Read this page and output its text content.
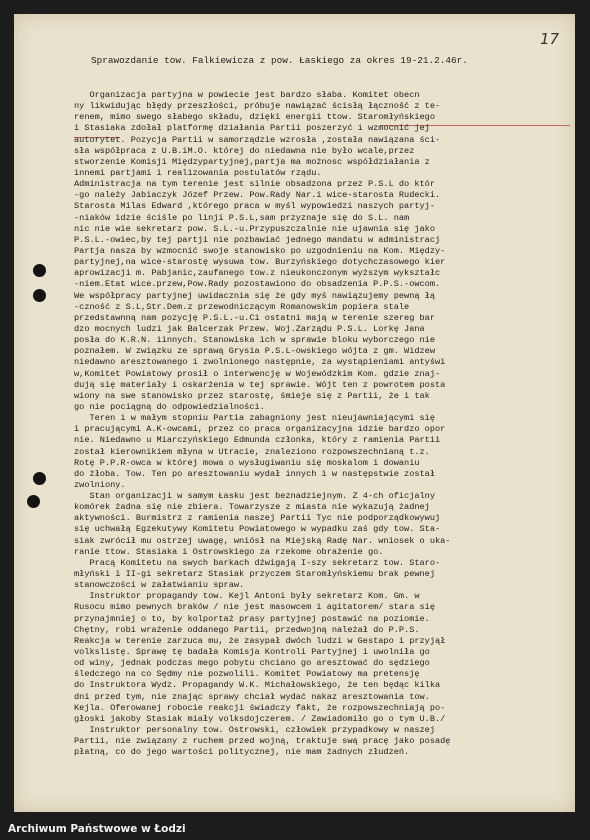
17
Sprawozdanie tow. Falkiewicza z pow. Łaskiego za okres 19-21.2.46r.
Organizacja partyjna w powiecie jest bardzo słaba. Komitet obecn
ny likwidując błędy przeszłości, próbuje nawiązać ścisłą łączność z te-
renem, mimo swego słabego składu, dzięki energii ttow. Staromłyńskiego
i Stasiaka zdołał platformę działania Partii poszerzyć i wzmocnić jej
autorytet. Pozycja Partii w samorządzie wzrosła ,została nawiązana ści-
sła współpraca z U.B.iM.O. której do niedawna nie było wcale,przez
stworzenie Komisji Międzypartyjnej,partja ma możnosc współdziałania z
innemi partjami i realizowania postulatów rządu.
Administracja na tym terenie jest silnie obsadzona przez P.S.L do któr
-go należy Jabiaczyk Józef Przew. Pow.Rady Nar.i wice-starosta Rudecki.
Starosta Milas Edward ,którego praca w myśl wypowiedzi naszych partyj-
-niaków idzie ściśle po linji P.S.L,sam przyznaje się do S.L. nam
nic nie wie sekretarz pow. S.L.-u.Przypuszczalnie nie ujawnia się jako
P.S.L.-owiec,by tej partji nie pozbawiać jednego mandatu w administracj
Partja nasza by wzmocnić swoje stanowisko po uzgodnieniu na Kom. Między-
partyjnej,na wice-starostę wysuwa tow. Burzyńskiego dotychczasowego kier
aprowizacji m. Pabjanic,zaufanego tow.z nieukonczonym wyższym wykształc
-niem.Etat wice.przew,Pow.Rady pozostawiono do obsadzenia P.P.S.-owcom.
We współpracy partyjnej uwidacznia się że gdy myś nawiązujemy pewną łą
-czność z S.L,Str.Dem.z przewodniczącym Romanowskim popiera stale
przedstawnną nam pozycję P.S.L.-u.Ci ostatni mają w terenie szereg bar
dzo mocnych ludzi jak Balcerzak Przew. Woj.Zarządu P.S.L. Lorkę Jana
posła do K.R.N. iinnych. Stanowiska ich w sprawie bloku wyborczego nie
poznałem. W związku ze sprawą Grysia P.S.L-owskiego wójta z gm. Widzew
niedawno aresztowanego i zwolnionego następnie, za wystąpieniami antyświ
w,Komitet Powiatowy prosił o interwencję w Wojewódzkim Kom. gdzie znaj-
dują się materiały i oskarżenia w tej sprawie. Wójt ten z powrotem posta
wiony na swe stanowisko przez starostę, śmieje się z Partii, że i tak
go nie pociągną do odpowiedzialności.
Teren i w małym stopniu Partia zabagniony jest nieujawniającymi się
i pracującymi A.K-owcami, przez co praca organizacyjna idzie bardzo opor
nie. Niedawno u Miarczyńskiego Edmunda członka, który z ramienia Partii
został kierownikiem młyna w Utracie, znaleziono rozpowszechnianą t.z.
Rotę P.P.R-owca w której mowa o wysługiwaniu się moskalom i dowaniu
do żłoba. Tow. Ten po aresztowaniu wydał innych i w następstwie został
zwolniony.
Stan organizacji w samym Łasku jest beznadziejnym. Z 4-ch oficjalny
komórek żadna się nie zbiera. Towarzysze z miasta nie wykazują żadnej
aktywności. Burmistrz z ramienia naszej Partii Tyc nie podporządkowywuj
się uchwałą Egzekutywy Komitetu Powiatowego w wypadku zaś gdy tow. Sta-
siak zwrócił mu ostrzej uwagę, wniósł na Miejską Radę Nar. wniosek o uka-
ranie ttow. Stasiaka i Ostrowskiego za rzekome obrażenie go.
Pracą Komitetu na swych barkach dźwigają I-szy sekretarz tow. Staro-
młyński i II-gi sekretarz Stasiak przyczem Staromłyńskiemu brak pewnej
stanowczości w załatwianiu spraw.
Instruktor propagandy tow. Kejl Antoni były sekretarz Kom. Gm. w
Rusocu mimo pewnych braków / nie jest masowcem i agitatorem/ stara się
przynajmniej o to, by kolportaż prasy partyjnej postawić na poziomie.
Chętny, robi wrażenie oddanego Partii, przedwojną należał do P.P.S.
Reakcja w terenie zarzuca mu, że zasypał dwóch ludzi w Gestapo i przyjął
volkslistę. Sprawę tę badała Komisja Kontroli Partyjnej i uwolniła go
od winy, jednak podczas mego pobytu chciano go aresztować do sędziego
śledczego na co Sędmy nie pozwolili. Komitet Powiatowy ma pretensję
do Instruktora Wydz. Propagandy W.K. Michałowskiego, że ten będąc kilka
dni przed tym, nie znając sprawy chciał wydać nakaz aresztowania tow.
Kejla. Oferowanej robocie reakcji świadczy fakt, że rozpowszechniają po-
głoski jakoby Stasiak miały volksdojczerem. / Zawiadomiło go o tym U.B./
Instruktor personalny tow. Ostrowski, człowiek przypadkowy w naszej
Partii, nie związany z ruchem przed wojną, traktuje swą pracę jako posadę
płatną, co do jego wartości politycznej, nie mam żadnych złudzeń.
Archiwum Państwowe w Łodzi
